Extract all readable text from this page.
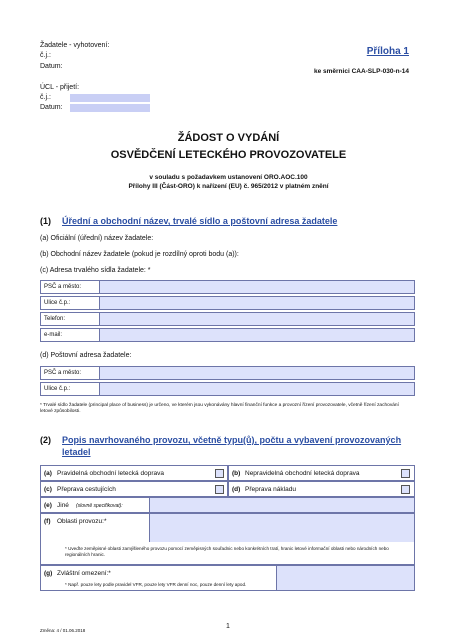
Žadatele - vyhotovení:
č.j.:
Datum:
ÚCL - přijetí:
č.j.:
Datum:
Příloha 1
ke směrnici CAA-SLP-030-n-14
ŽÁDOST O VYDÁNÍ
OSVĚDČENÍ LETECKÉHO PROVOZOVATELE
v souladu s požadavkem ustanovení ORO.AOC.100
Přílohy III (Část-ORO) k nařízení (EU) č. 965/2012 v platném znění
(1) Úřední a obchodní název, trvalé sídlo a poštovní adresa žadatele
(a) Oficiální (úřední) název žadatele:
(b) Obchodní název žadatele (pokud je rozdílný oproti bodu (a)):
(c) Adresa trvalého sídla žadatele: *
PSČ a město:
Ulice č.p.:
Telefon:
e-mail:
(d) Poštovní adresa žadatele:
PSČ a město:
Ulice č.p.:
* Trvalé sídlo žadatele (principal place of business) je určeno, ve kterém jsou vykonávány hlavní finanční funkce a provozní řízení provozovatele, včetně řízení zachování letové způsobilosti.
(2) Popis navrhovaného provozu, včetně typu(ů), počtu a vybavení provozovaných
letadel
(a) Pravidelná obchodní letecká doprava	(b) Nepravidelná obchodní letecká doprava
(c) Přeprava cestujících	(d) Přeprava nákladu
(e) Jiné (slovně specifikovat):
(f) Oblasti provozu:*
* Uveďte zeměpisné oblasti zamýšleného provozu pomocí zeměpisných souřadnic nebo konkrétních tratí, hranic letové informační oblasti nebo národních nebo regionálních hranic.
(g) Zvláštní omezení:*
* Např. pouze lety podle pravidel VFR, pouze lety VFR denní noc, pouze denní lety apod.
Změna: 4 / 01.06.2018
1
